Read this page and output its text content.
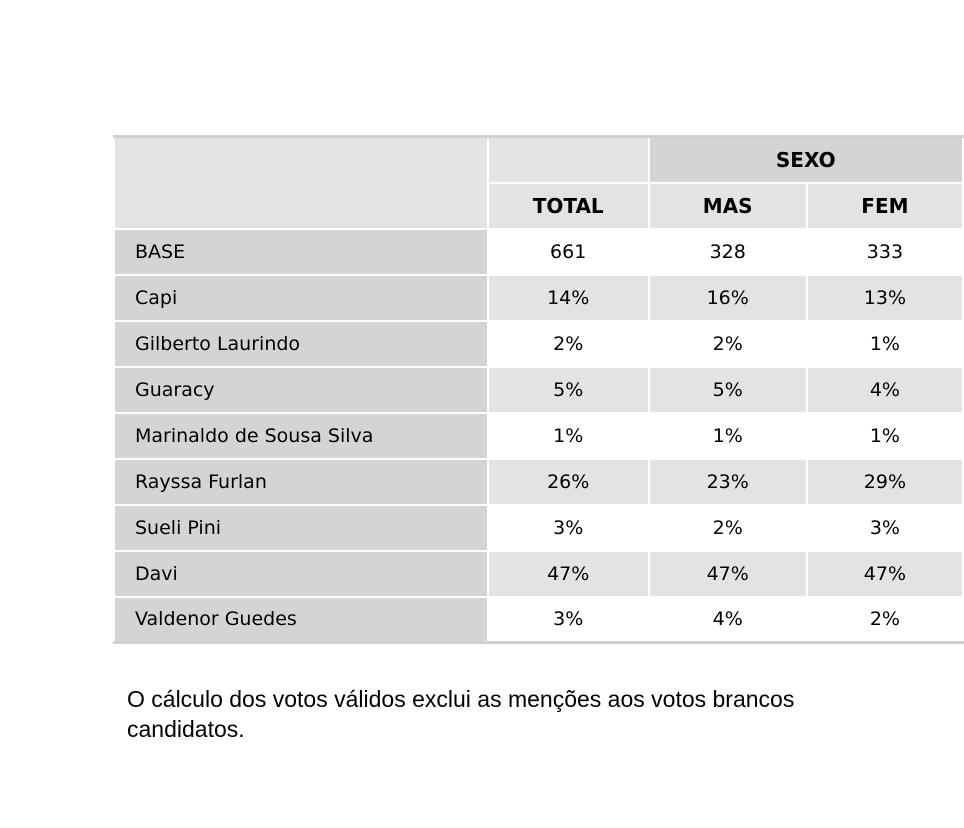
		SEXO	
	TOTAL	MAS	FEM
BASE	661	328	333
Capi	14%	16%	13%
Gilberto Laurindo	2%	2%	1%
Guaracy	5%	5%	4%
Marinaldo de Sousa Silva	1%	1%	1%
Rayssa Furlan	26%	23%	29%
Sueli Pini	3%	2%	3%
Davi	47%	47%	47%
Valdenor Guedes	3%	4%	2%
O cálculo dos votos válidos exclui as menções aos votos brancos
candidatos.
